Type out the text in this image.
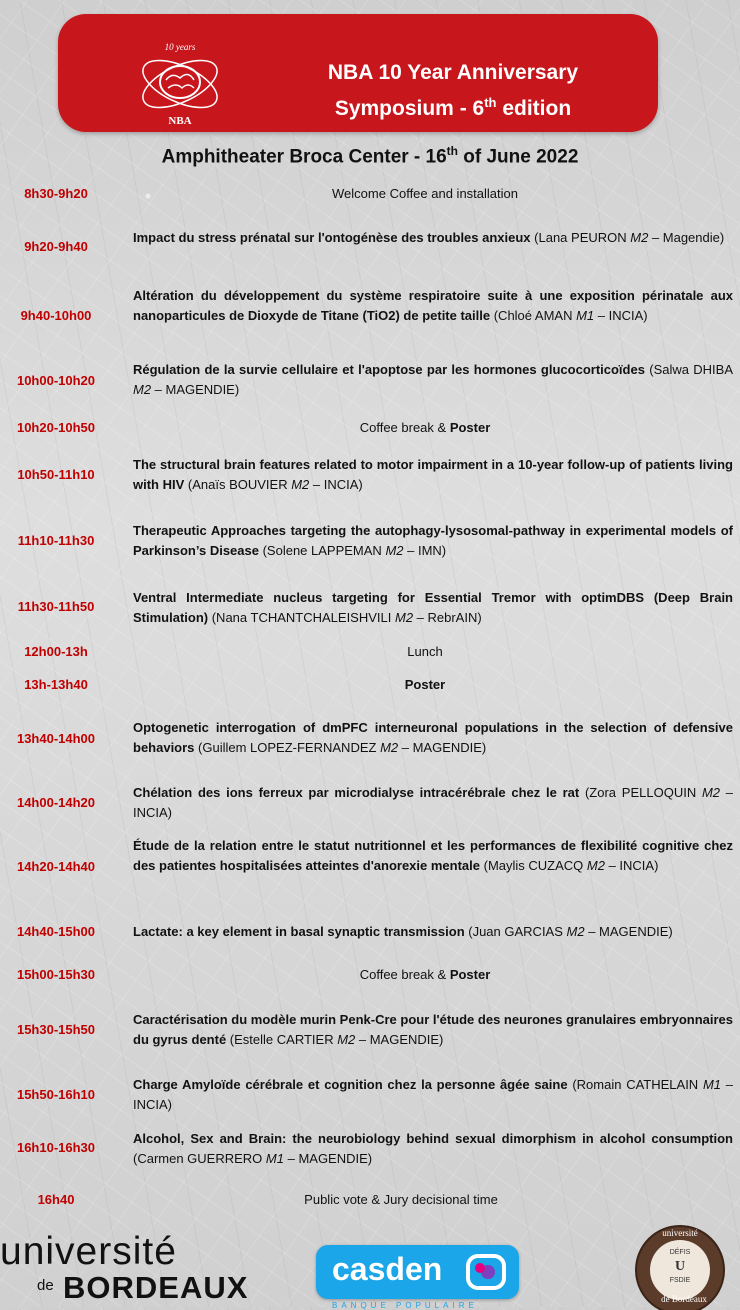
10 years
NBA
NBA 10 Year Anniversary
Symposium - 6th edition
Amphitheater Broca Center - 16th of June 2022
8h30-9h20	Welcome Coffee and installation
9h20-9h40
Impact du stress prénatal sur l'ontogénèse des troubles anxieux (Lana PEURON M2 – Magendie)
9h40-10h00
Altération du développement du système respiratoire suite à une exposition périnatale aux nanoparticules de Dioxyde de Titane (TiO2) de petite taille (Chloé AMAN M1 – INCIA)
10h00-10h20
Régulation de la survie cellulaire et l'apoptose par les hormones glucocorticoïdes (Salwa DHIBA M2 – MAGENDIE)
10h20-10h50	Coffee break & Poster
10h50-11h10
The structural brain features related to motor impairment in a 10-year follow-up of patients living with HIV (Anaïs BOUVIER M2 – INCIA)
11h10-11h30
Therapeutic Approaches targeting the autophagy-lysosomal-pathway in experimental models of Parkinson’s Disease (Solene LAPPEMAN M2 – IMN)
11h30-11h50
Ventral Intermediate nucleus targeting for Essential Tremor with optimDBS (Deep Brain Stimulation) (Nana TCHANTCHALEISHVILI M2 – RebrAIN)
12h00-13h	Lunch
13h-13h40	Poster
13h40-14h00
Optogenetic interrogation of dmPFC interneuronal populations in the selection of defensive behaviors (Guillem LOPEZ-FERNANDEZ M2 – MAGENDIE)
14h00-14h20
Chélation des ions ferreux par microdialyse intracérébrale chez le rat (Zora PELLOQUIN M2 – INCIA)
14h20-14h40
Étude de la relation entre le statut nutritionnel et les performances de flexibilité cognitive chez des patientes hospitalisées atteintes d'anorexie mentale (Maylis CUZACQ M2 – INCIA)
14h40-15h00	Lactate: a key element in basal synaptic transmission (Juan GARCIAS M2 – MAGENDIE)
15h00-15h30	Coffee break & Poster
15h30-15h50
Caractérisation du modèle murin Penk-Cre pour l'étude des neurones granulaires embryonnaires du gyrus denté (Estelle CARTIER M2 – MAGENDIE)
15h50-16h10
Charge Amyloïde cérébrale et cognition chez la personne âgée saine (Romain CATHELAIN M1 – INCIA)
16h10-16h30
Alcohol, Sex and Brain: the neurobiology behind sexual dimorphism in alcohol consumption (Carmen GUERRERO M1 – MAGENDIE)
16h40	Public vote & Jury decisional time
université
de BORDEAUX
casden
BANQUE POPULAIRE
DÉFIS
U
FSDIE
université
de Bordeaux
